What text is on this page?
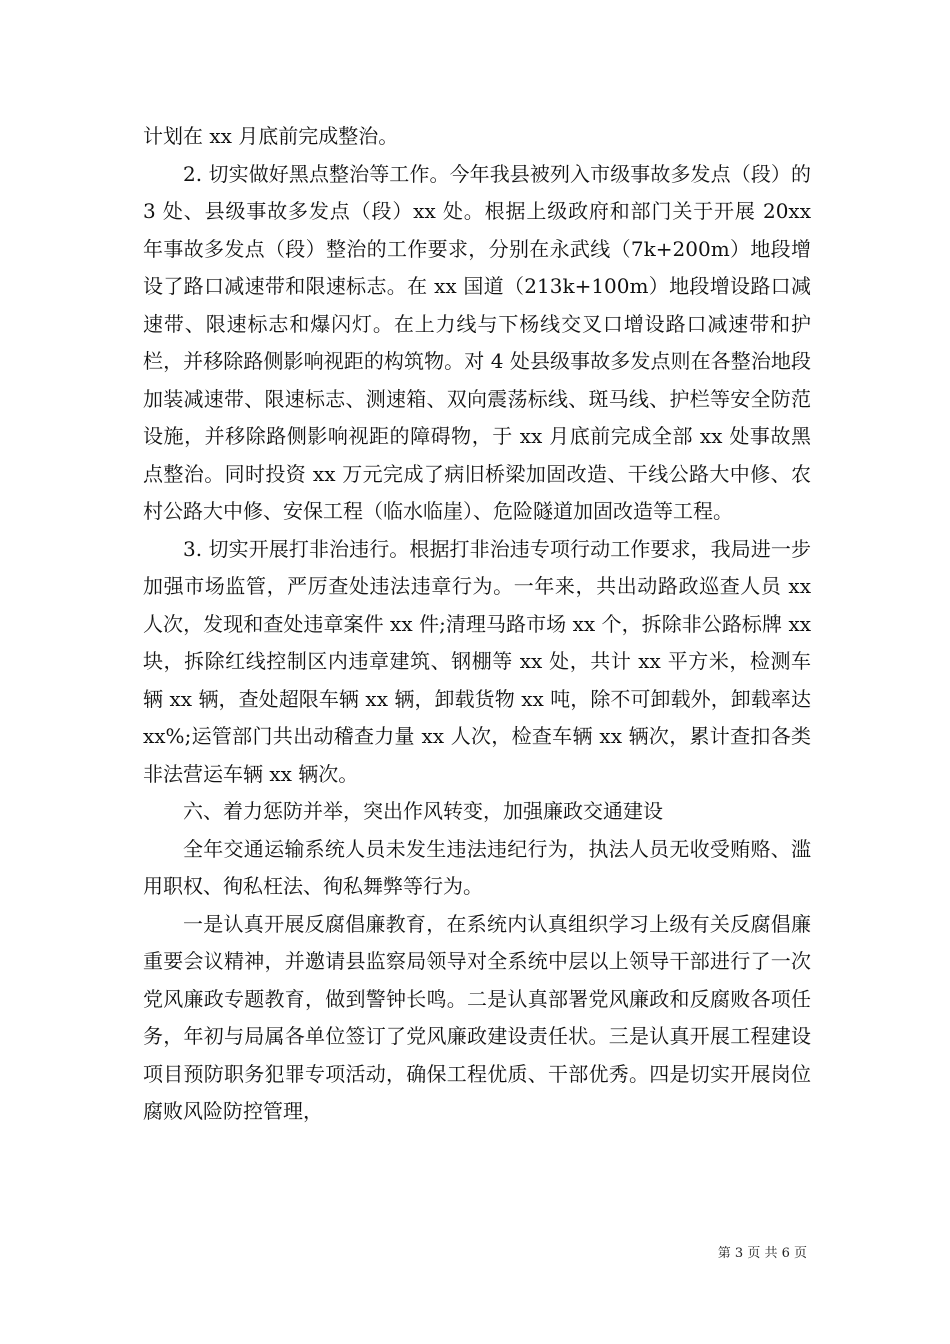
计划在 xx 月底前完成整治。

2. 切实做好黑点整治等工作。今年我县被列入市级事故多发点（段）的 3 处、县级事故多发点（段）xx 处。根据上级政府和部门关于开展 20xx 年事故多发点（段）整治的工作要求，分别在永武线（7k+200m）地段增设了路口减速带和限速标志。在 xx 国道（213k+100m）地段增设路口减速带、限速标志和爆闪灯。在上力线与下杨线交叉口增设路口减速带和护栏，并移除路侧影响视距的构筑物。对 4 处县级事故多发点则在各整治地段加装减速带、限速标志、测速箱、双向震荡标线、斑马线、护栏等安全防范设施，并移除路侧影响视距的障碍物，于 xx 月底前完成全部 xx 处事故黑点整治。同时投资 xx 万元完成了病旧桥梁加固改造、干线公路大中修、农村公路大中修、安保工程（临水临崖）、危险隧道加固改造等工程。

3. 切实开展打非治违行。根据打非治违专项行动工作要求，我局进一步加强市场监管，严厉查处违法违章行为。一年来，共出动路政巡查人员 xx 人次，发现和查处违章案件 xx 件;清理马路市场 xx 个，拆除非公路标牌 xx 块，拆除红线控制区内违章建筑、钢棚等 xx 处，共计 xx 平方米，检测车辆 xx 辆，查处超限车辆 xx 辆，卸载货物 xx 吨，除不可卸载外，卸载率达 xx%;运管部门共出动稽查力量 xx 人次，检查车辆 xx 辆次，累计查扣各类非法营运车辆 xx 辆次。

六、着力惩防并举，突出作风转变，加强廉政交通建设

全年交通运输系统人员未发生违法违纪行为，执法人员无收受贿赂、滥用职权、徇私枉法、徇私舞弊等行为。

一是认真开展反腐倡廉教育，在系统内认真组织学习上级有关反腐倡廉重要会议精神，并邀请县监察局领导对全系统中层以上领导干部进行了一次党风廉政专题教育，做到警钟长鸣。二是认真部署党风廉政和反腐败各项任务，年初与局属各单位签订了党风廉政建设责任状。三是认真开展工程建设项目预防职务犯罪专项活动，确保工程优质、干部优秀。四是切实开展岗位腐败风险防控管理，

第 3 页 共 6 页
